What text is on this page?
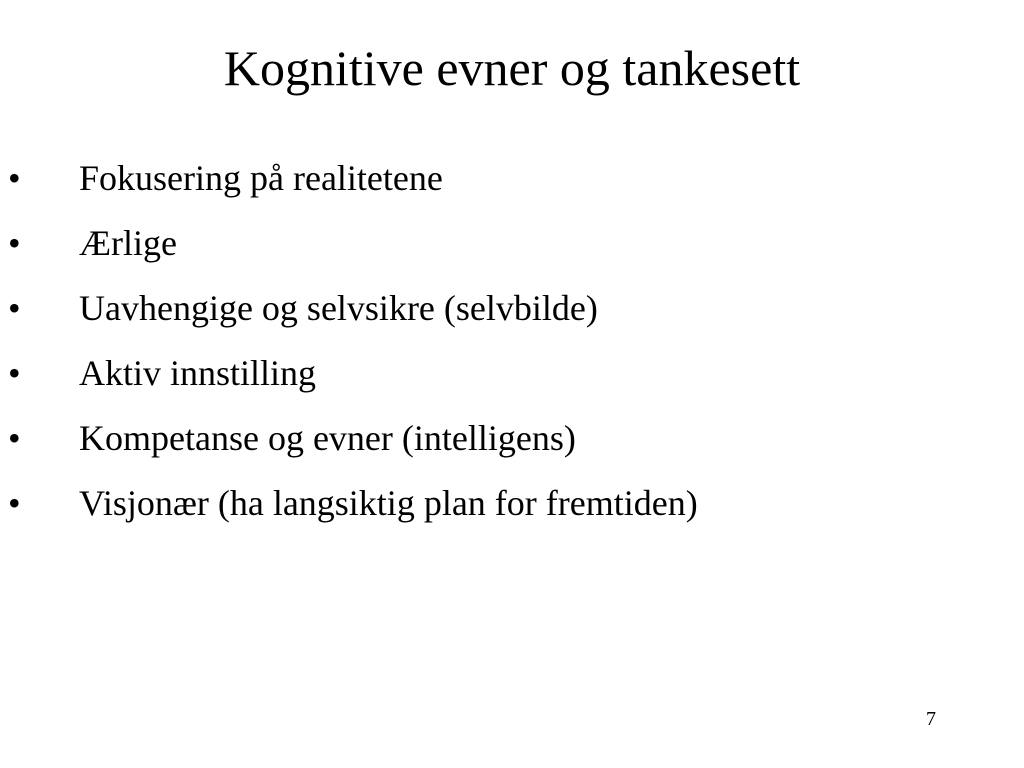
Kognitive evner og tankesett
• Fokusering på realitetene
• Ærlige
• Uavhengige og selvsikre (selvbilde)
• Aktiv innstilling
• Kompetanse og evner (intelligens)
• Visjonær (ha langsiktig plan for fremtiden)
7
